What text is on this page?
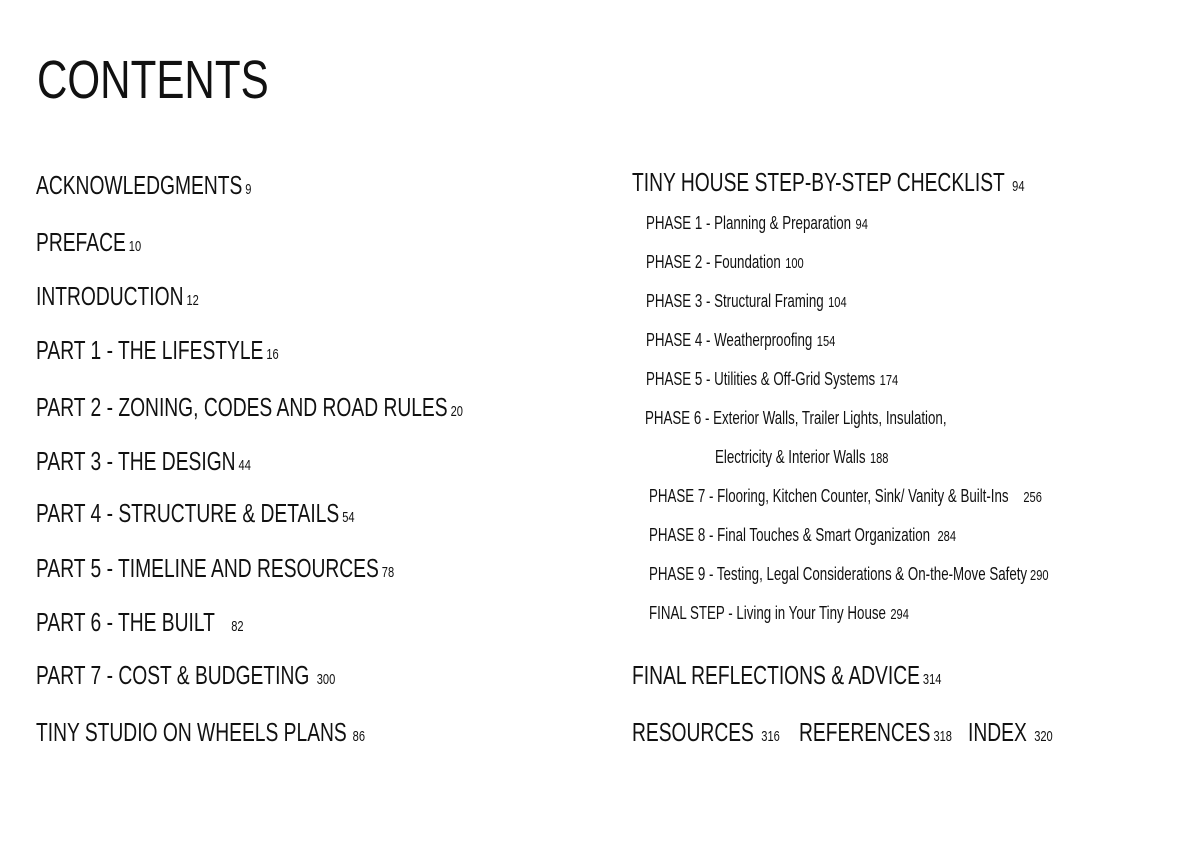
CONTENTS
ACKNOWLEDGMENTS 9
PREFACE 10
INTRODUCTION 12
PART 1 - THE LIFESTYLE 16
PART 2 - ZONING, CODES AND ROAD RULES 20
PART 3 - THE DESIGN 44
PART 4 - STRUCTURE & DETAILS 54
PART 5 - TIMELINE AND RESOURCES 78
PART 6 - THE BUILT 82
PART 7 - COST & BUDGETING 300
TINY STUDIO ON WHEELS PLANS 86
TINY HOUSE STEP-BY-STEP CHECKLIST 94
PHASE 1 - Planning & Preparation 94
PHASE 2 - Foundation 100
PHASE 3 - Structural Framing 104
PHASE 4 - Weatherproofing 154
PHASE 5 - Utilities & Off-Grid Systems 174
PHASE 6 - Exterior Walls, Trailer Lights, Insulation,
Electricity & Interior Walls 188
PHASE 7 - Flooring, Kitchen Counter, Sink/ Vanity & Built-Ins 256
PHASE 8 - Final Touches & Smart Organization 284
PHASE 9 - Testing, Legal Considerations & On-the-Move Safety 290
FINAL STEP - Living in Your Tiny House 294
FINAL REFLECTIONS & ADVICE 314
RESOURCES 316 REFERENCES 318 INDEX 320
